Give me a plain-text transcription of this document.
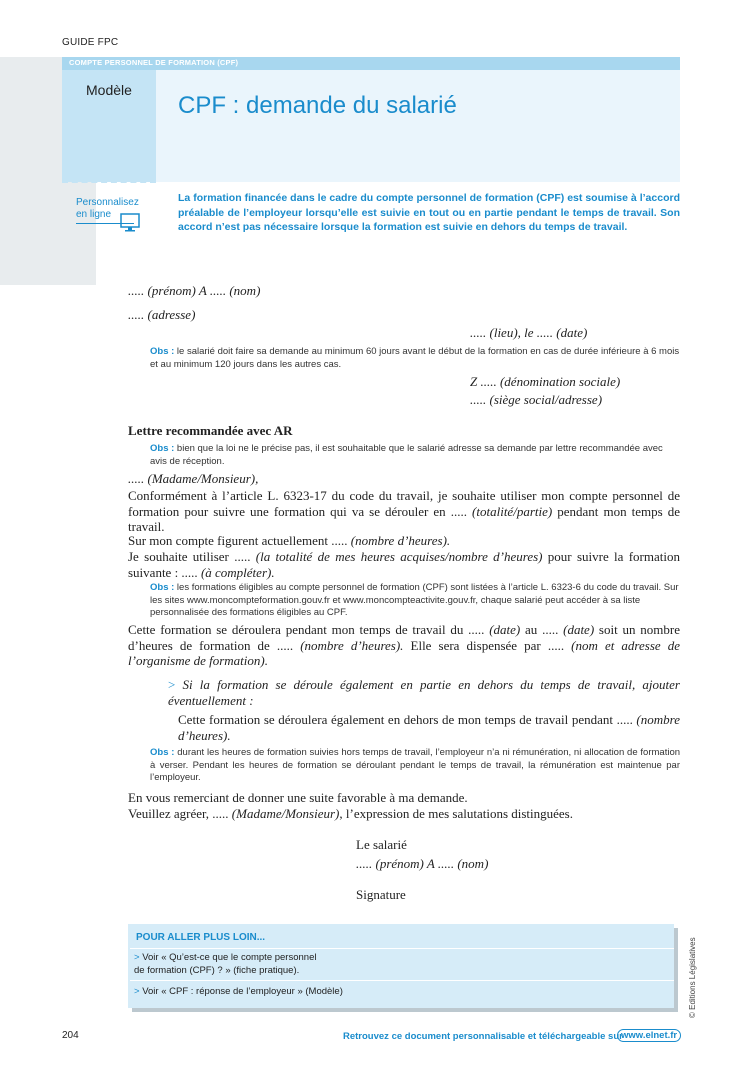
GUIDE FPC
COMPTE PERSONNEL DE FORMATION (CPF)
Modèle
CPF : demande du salarié
Personnalisez
en ligne
La formation financée dans le cadre du compte personnel de formation (CPF) est soumise à l’accord préalable de l’employeur lorsqu’elle est suivie en tout ou en partie pendant le temps de travail. Son accord n’est pas nécessaire lorsque la formation est suivie en dehors du temps de travail.
..... (prénom) A ..... (nom)
..... (adresse)
..... (lieu), le ..... (date)
Obs : le salarié doit faire sa demande au minimum 60 jours avant le début de la formation en cas de durée inférieure à 6 mois et au minimum 120 jours dans les autres cas.
Z ..... (dénomination sociale)
..... (siège social/adresse)
Lettre recommandée avec AR
Obs : bien que la loi ne le précise pas, il est souhaitable que le salarié adresse sa demande par lettre recommandée avec avis de réception.
..... (Madame/Monsieur),
Conformément à l’article L. 6323-17 du code du travail, je souhaite utiliser mon compte personnel de formation pour suivre une formation qui va se dérouler en ..... (totalité/partie) pendant mon temps de travail.
Sur mon compte figurent actuellement ..... (nombre d’heures).
Je souhaite utiliser ..... (la totalité de mes heures acquises/nombre d’heures) pour suivre la formation suivante : ..... (à compléter).
Obs : les formations éligibles au compte personnel de formation (CPF) sont listées à l’article L. 6323-6 du code du travail. Sur les sites www.moncompteformation.gouv.fr et www.moncompteactivite.gouv.fr, chaque salarié peut accéder à sa liste personnalisée des formations éligibles au CPF.
Cette formation se déroulera pendant mon temps de travail du ..... (date) au ..... (date) soit un nombre d’heures de formation de ..... (nombre d’heures). Elle sera dispensée par ..... (nom et adresse de l’organisme de formation).
> Si la formation se déroule également en partie en dehors du temps de travail, ajouter éventuellement :
Cette formation se déroulera également en dehors de mon temps de travail pendant ..... (nombre d’heures).
Obs : durant les heures de formation suivies hors temps de travail, l’employeur n’a ni rémunération, ni allocation de formation à verser. Pendant les heures de formation se déroulant pendant le temps de travail, la rémunération est maintenue par l’employeur.
En vous remerciant de donner une suite favorable à ma demande.
Veuillez agréer, ..... (Madame/Monsieur), l’expression de mes salutations distinguées.
Le salarié
..... (prénom) A ..... (nom)
Signature
POUR ALLER PLUS LOIN...
> Voir « Qu’est-ce que le compte personnel
de formation (CPF) ? » (fiche pratique).
> Voir « CPF : réponse de l’employeur » (Modèle)	© Editions Législatives
204	Retrouvez ce document personnalisable et téléchargeable sur
www.elnet.fr
